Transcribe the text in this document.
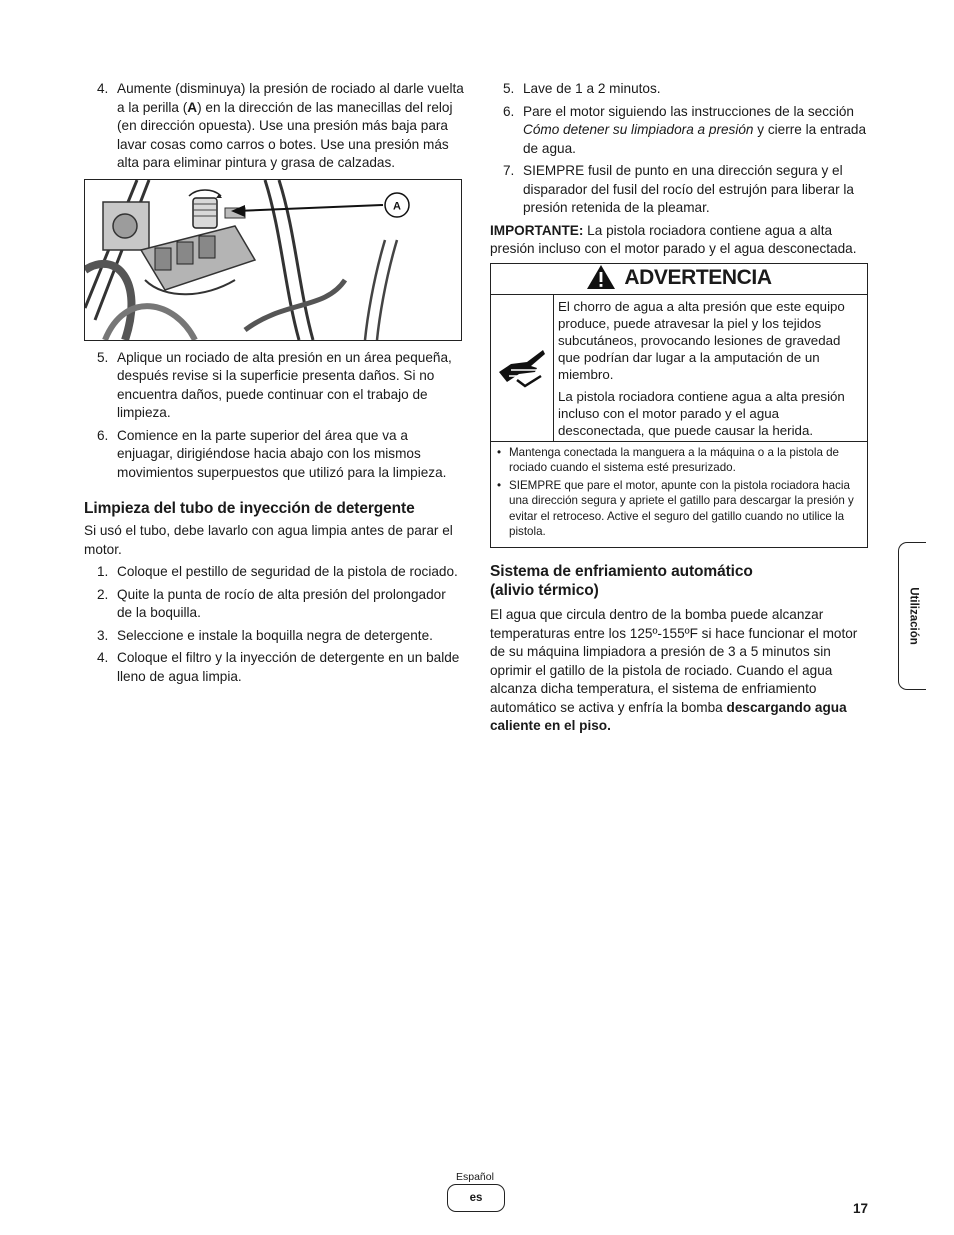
4. Aumente (disminuya) la presión de rociado al darle vuelta a la perilla (A) en la dirección de las manecillas del reloj (en dirección opuesta). Use una presión más baja para lavar cosas como carros o botes. Use una presión más alta para eliminar pintura y grasa de calzadas.
A
5. Aplique un rociado de alta presión en un área pequeña, después revise si la superficie presenta daños. Si no encuentra daños, puede continuar con el trabajo de limpieza.
6. Comience en la parte superior del área que va a enjuagar, dirigiéndose hacia abajo con los mismos movimientos superpuestos que utilizó para la limpieza.
Limpieza del tubo de inyección de detergente

Si usó el tubo, debe lavarlo con agua limpia antes de parar el motor.

1. Coloque el pestillo de seguridad de la pistola de rociado.
2. Quite la punta de rocío de alta presión del prolongador de la boquilla.
3. Seleccione e instale la boquilla negra de detergente.
4. Coloque el filtro y la inyección de detergente en un balde lleno de agua limpia.
5. Lave de 1 a 2 minutos.
6. Pare el motor siguiendo las instrucciones de la sección Cómo detener su limpiadora a presión y cierre la entrada de agua.
7. SIEMPRE fusil de punto en una dirección segura y el disparador del fusil del rocío del estrujón para liberar la presión retenida de la pleamar.

IMPORTANTE: La pistola rociadora contiene agua a alta presión incluso con el motor parado y el agua desconectada.

ADVERTENCIA

El chorro de agua a alta presión que este equipo produce, puede atravesar la piel y los tejidos subcutáneos, provocando lesiones de gravedad que podrían dar lugar a la amputación de un miembro.

La pistola rociadora contiene agua a alta presión incluso con el motor parado y el agua desconectada, que puede causar la herida.

• Mantenga conectada la manguera a la máquina o a la pistola de rociado cuando el sistema esté presurizado.
• SIEMPRE que pare el motor, apunte con la pistola rociadora hacia una dirección segura y apriete el gatillo para descargar la presión y evitar el retroceso. Active el seguro del gatillo cuando no utilice la pistola.
Sistema de enfriamiento automático
(alivio térmico)

El agua que circula dentro de la bomba puede alcanzar temperaturas entre los 125º-155ºF si hace funcionar el motor de su máquina limpiadora a presión de 3 a 5 minutos sin oprimir el gatillo de la pistola de rociado. Cuando el agua alcanza dicha temperatura, el sistema de enfriamiento automático se activa y enfría la bomba descargando agua caliente en el piso.

Utilización
Español
es
17
